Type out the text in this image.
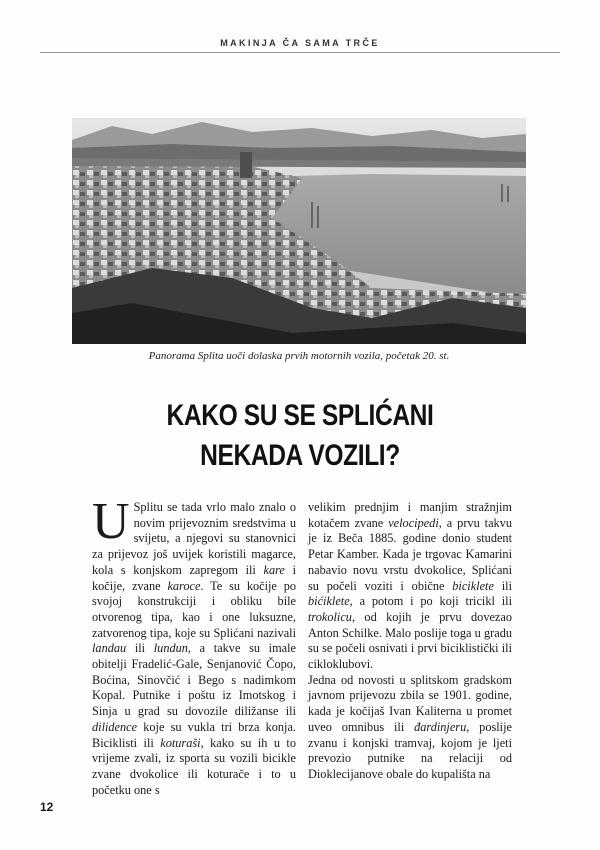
MAKINJA ČA SAMA TRČE
Panorama Splita uoči dolaska prvih motornih vozila, početak 20. st.
KAKO SU SE SPLIĆANI
NEKADA VOZILI?

U Splitu se tada vrlo malo znalo o novim prijevoznim sredstvima u svijetu, a njegovi su stanovnici za prijevoz još uvijek koristili magarce, kola s konjskom zapregom ili kare i kočije, zvane karoce. Te su kočije po svojoj konstrukciji i obliku bile otvorenog tipa, kao i one luksuzne, zatvorenog tipa, koje su Splićani nazivali landau ili lundun, a takve su imale obitelji Fradelić-Gale, Senjanović Čopo, Boćina, Sinovčić i Bego s nadimkom Kopal. Putnike i poštu iz Imotskog i Sinja u grad su dovozile diližanse ili dilidence koje su vukla tri brza konja. Biciklisti ili koturaši, kako su ih u to vrijeme zvali, iz sporta su vozili bicikle zvane dvokolice ili koturače i to u početku one s

velikim prednjim i manjim stražnjim kotačem zvane velocipedi, a prvu takvu je iz Beča 1885. godine donio student Petar Kamber. Kada je trgovac Kamarini nabavio novu vrstu dvokolice, Splićani su počeli voziti i obične biciklete ili bićiklete, a potom i po koji tricikl ili trokolicu, od kojih je prvu dovezao Anton Schilke. Malo poslije toga u gradu su se počeli osnivati i prvi biciklistički ili cikloklubovi.

Jedna od novosti u splitskom gradskom javnom prijevozu zbila se 1901. godine, kada je kočijaš Ivan Kaliterna u promet uveo omnibus ili đardinjeru, poslije zvanu i konjski tramvaj, kojom je ljeti prevozio putnike na relaciji od Dioklecijanove obale do kupališta na

12
